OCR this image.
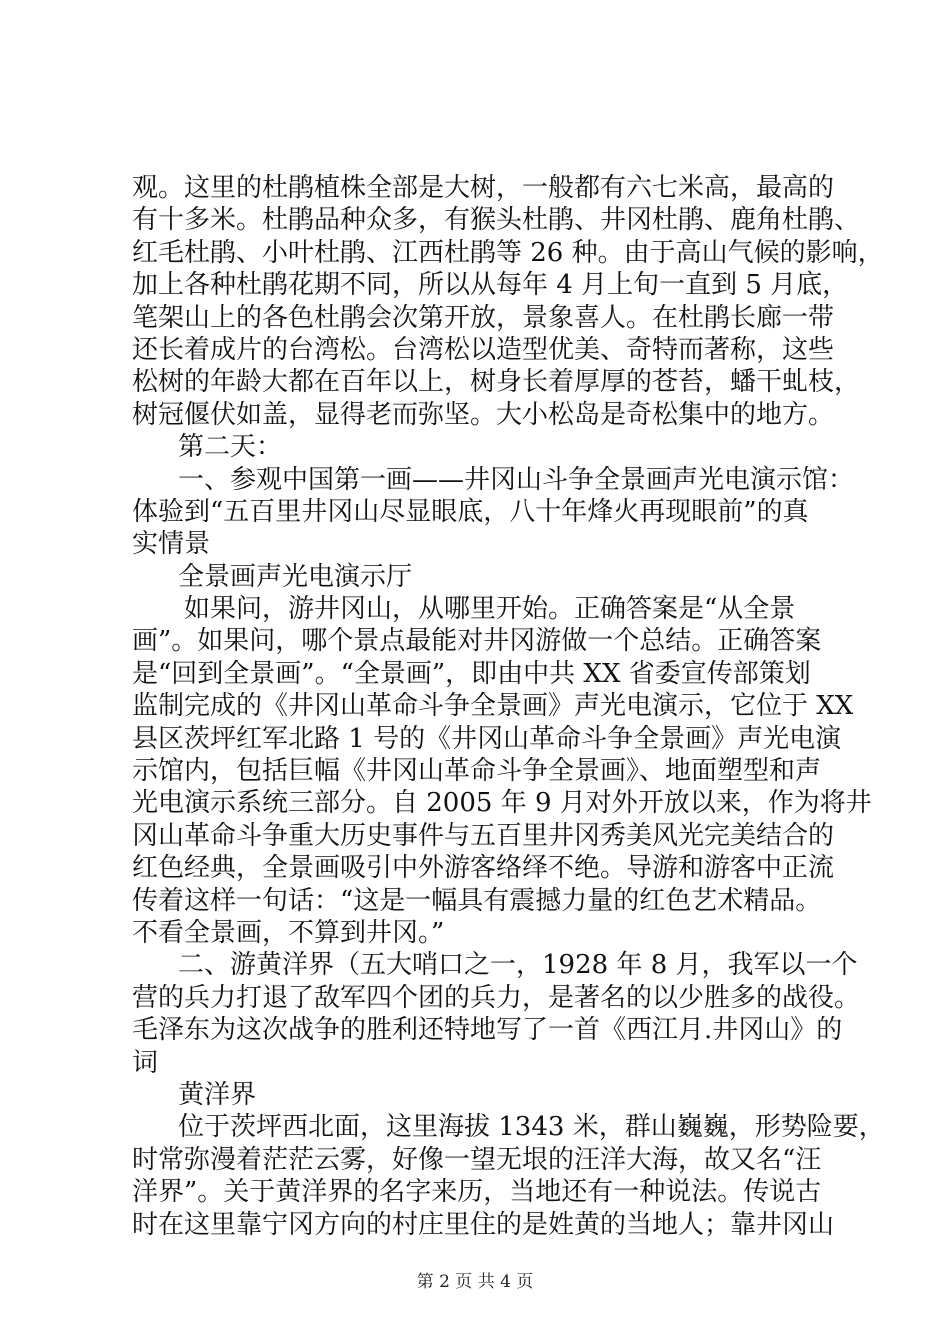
观。这里的杜鹃植株全部是大树，一般都有六七米高，最高的
有十多米。杜鹃品种众多，有猴头杜鹃、井冈杜鹃、鹿角杜鹃、
红毛杜鹃、小叶杜鹃、江西杜鹃等 26 种。由于高山气候的影响，
加上各种杜鹃花期不同，所以从每年 4 月上旬一直到 5 月底，
笔架山上的各色杜鹃会次第开放，景象喜人。在杜鹃长廊一带
还长着成片的台湾松。台湾松以造型优美、奇特而著称，这些
松树的年龄大都在百年以上，树身长着厚厚的苍苔，蟠干虬枝，
树冠偃伏如盖，显得老而弥坚。大小松岛是奇松集中的地方。
第二天：
一、参观中国第一画——井冈山斗争全景画声光电演示馆：
体验到“五百里井冈山尽显眼底，八十年烽火再现眼前”的真
实情景
全景画声光电演示厅
如果问，游井冈山，从哪里开始。正确答案是“从全景
画”。如果问，哪个景点最能对井冈游做一个总结。正确答案
是“回到全景画”。“全景画”，即由中共 XX 省委宣传部策划
监制完成的《井冈山革命斗争全景画》声光电演示，它位于 XX
县区茨坪红军北路 1 号的《井冈山革命斗争全景画》声光电演
示馆内，包括巨幅《井冈山革命斗争全景画》、地面塑型和声
光电演示系统三部分。自 2005 年 9 月对外开放以来，作为将井
冈山革命斗争重大历史事件与五百里井冈秀美风光完美结合的
红色经典，全景画吸引中外游客络绎不绝。导游和游客中正流
传着这样一句话：“这是一幅具有震撼力量的红色艺术精品。
不看全景画，不算到井冈。”
二、游黄洋界（五大哨口之一，1928 年 8 月，我军以一个
营的兵力打退了敌军四个团的兵力，是著名的以少胜多的战役。
毛泽东为这次战争的胜利还特地写了一首《西江月.井冈山》的
词
黄洋界
位于茨坪西北面，这里海拔 1343 米，群山巍巍，形势险要，
时常弥漫着茫茫云雾，好像一望无垠的汪洋大海，故又名“汪
洋界”。关于黄洋界的名字来历，当地还有一种说法。传说古
时在这里靠宁冈方向的村庄里住的是姓黄的当地人；靠井冈山
第 2 页 共 4 页
